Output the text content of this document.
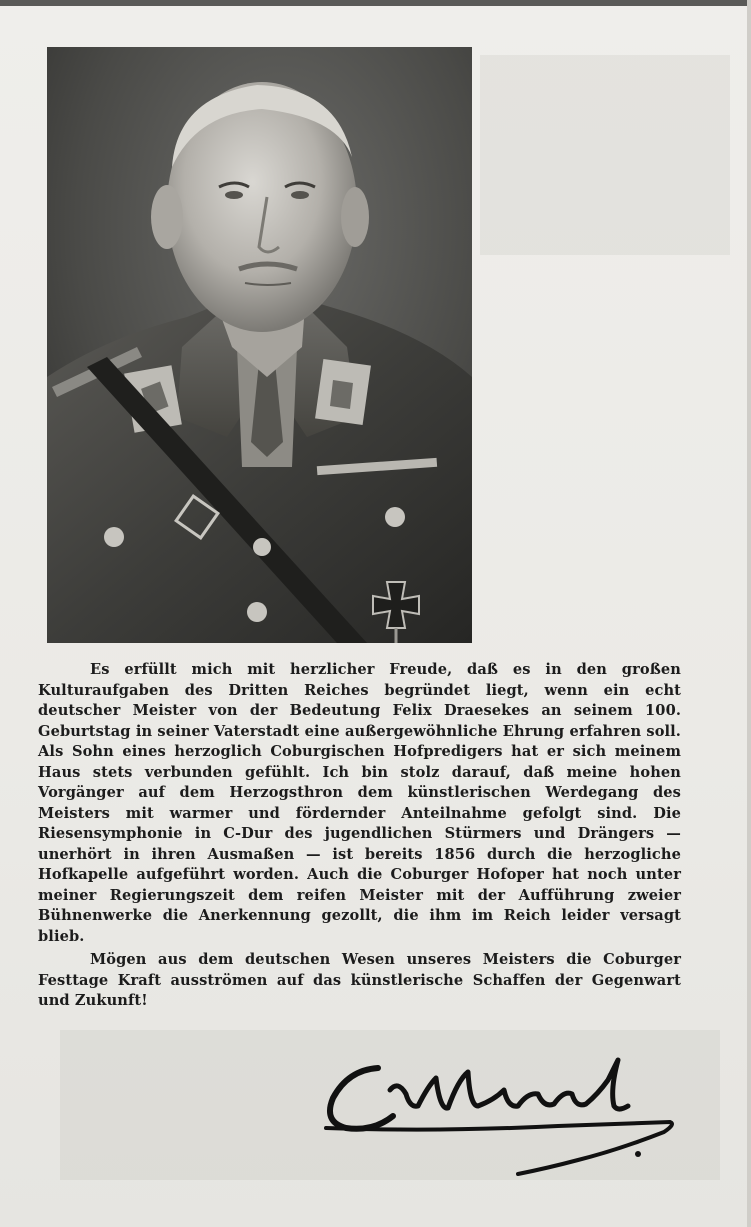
Es erfüllt mich mit herzlicher Freude, daß es in den großen Kulturaufgaben des Dritten Reiches begründet liegt, wenn ein echt deutscher Meister von der Bedeutung Felix Draesekes an seinem 100. Geburtstag in seiner Vaterstadt eine außergewöhnliche Ehrung erfahren soll. Als Sohn eines herzoglich Coburgischen Hofpredigers hat er sich meinem Haus stets verbunden gefühlt. Ich bin stolz darauf, daß meine hohen Vorgänger auf dem Herzogsthron dem künstlerischen Werdegang des Meisters mit warmer und fördernder Anteilnahme gefolgt sind. Die Riesensymphonie in C-Dur des jugendlichen Stürmers und Drängers — unerhört in ihren Ausmaßen — ist bereits 1856 durch die herzogliche Hofkapelle aufgeführt worden. Auch die Coburger Hofoper hat noch unter meiner Regierungszeit dem reifen Meister mit der Aufführung zweier Bühnenwerke die Anerkennung gezollt, die ihm im Reich leider versagt blieb.

Mögen aus dem deutschen Wesen unseres Meisters die Coburger Festtage Kraft ausströmen auf das künstlerische Schaffen der Gegenwart und Zukunft!
